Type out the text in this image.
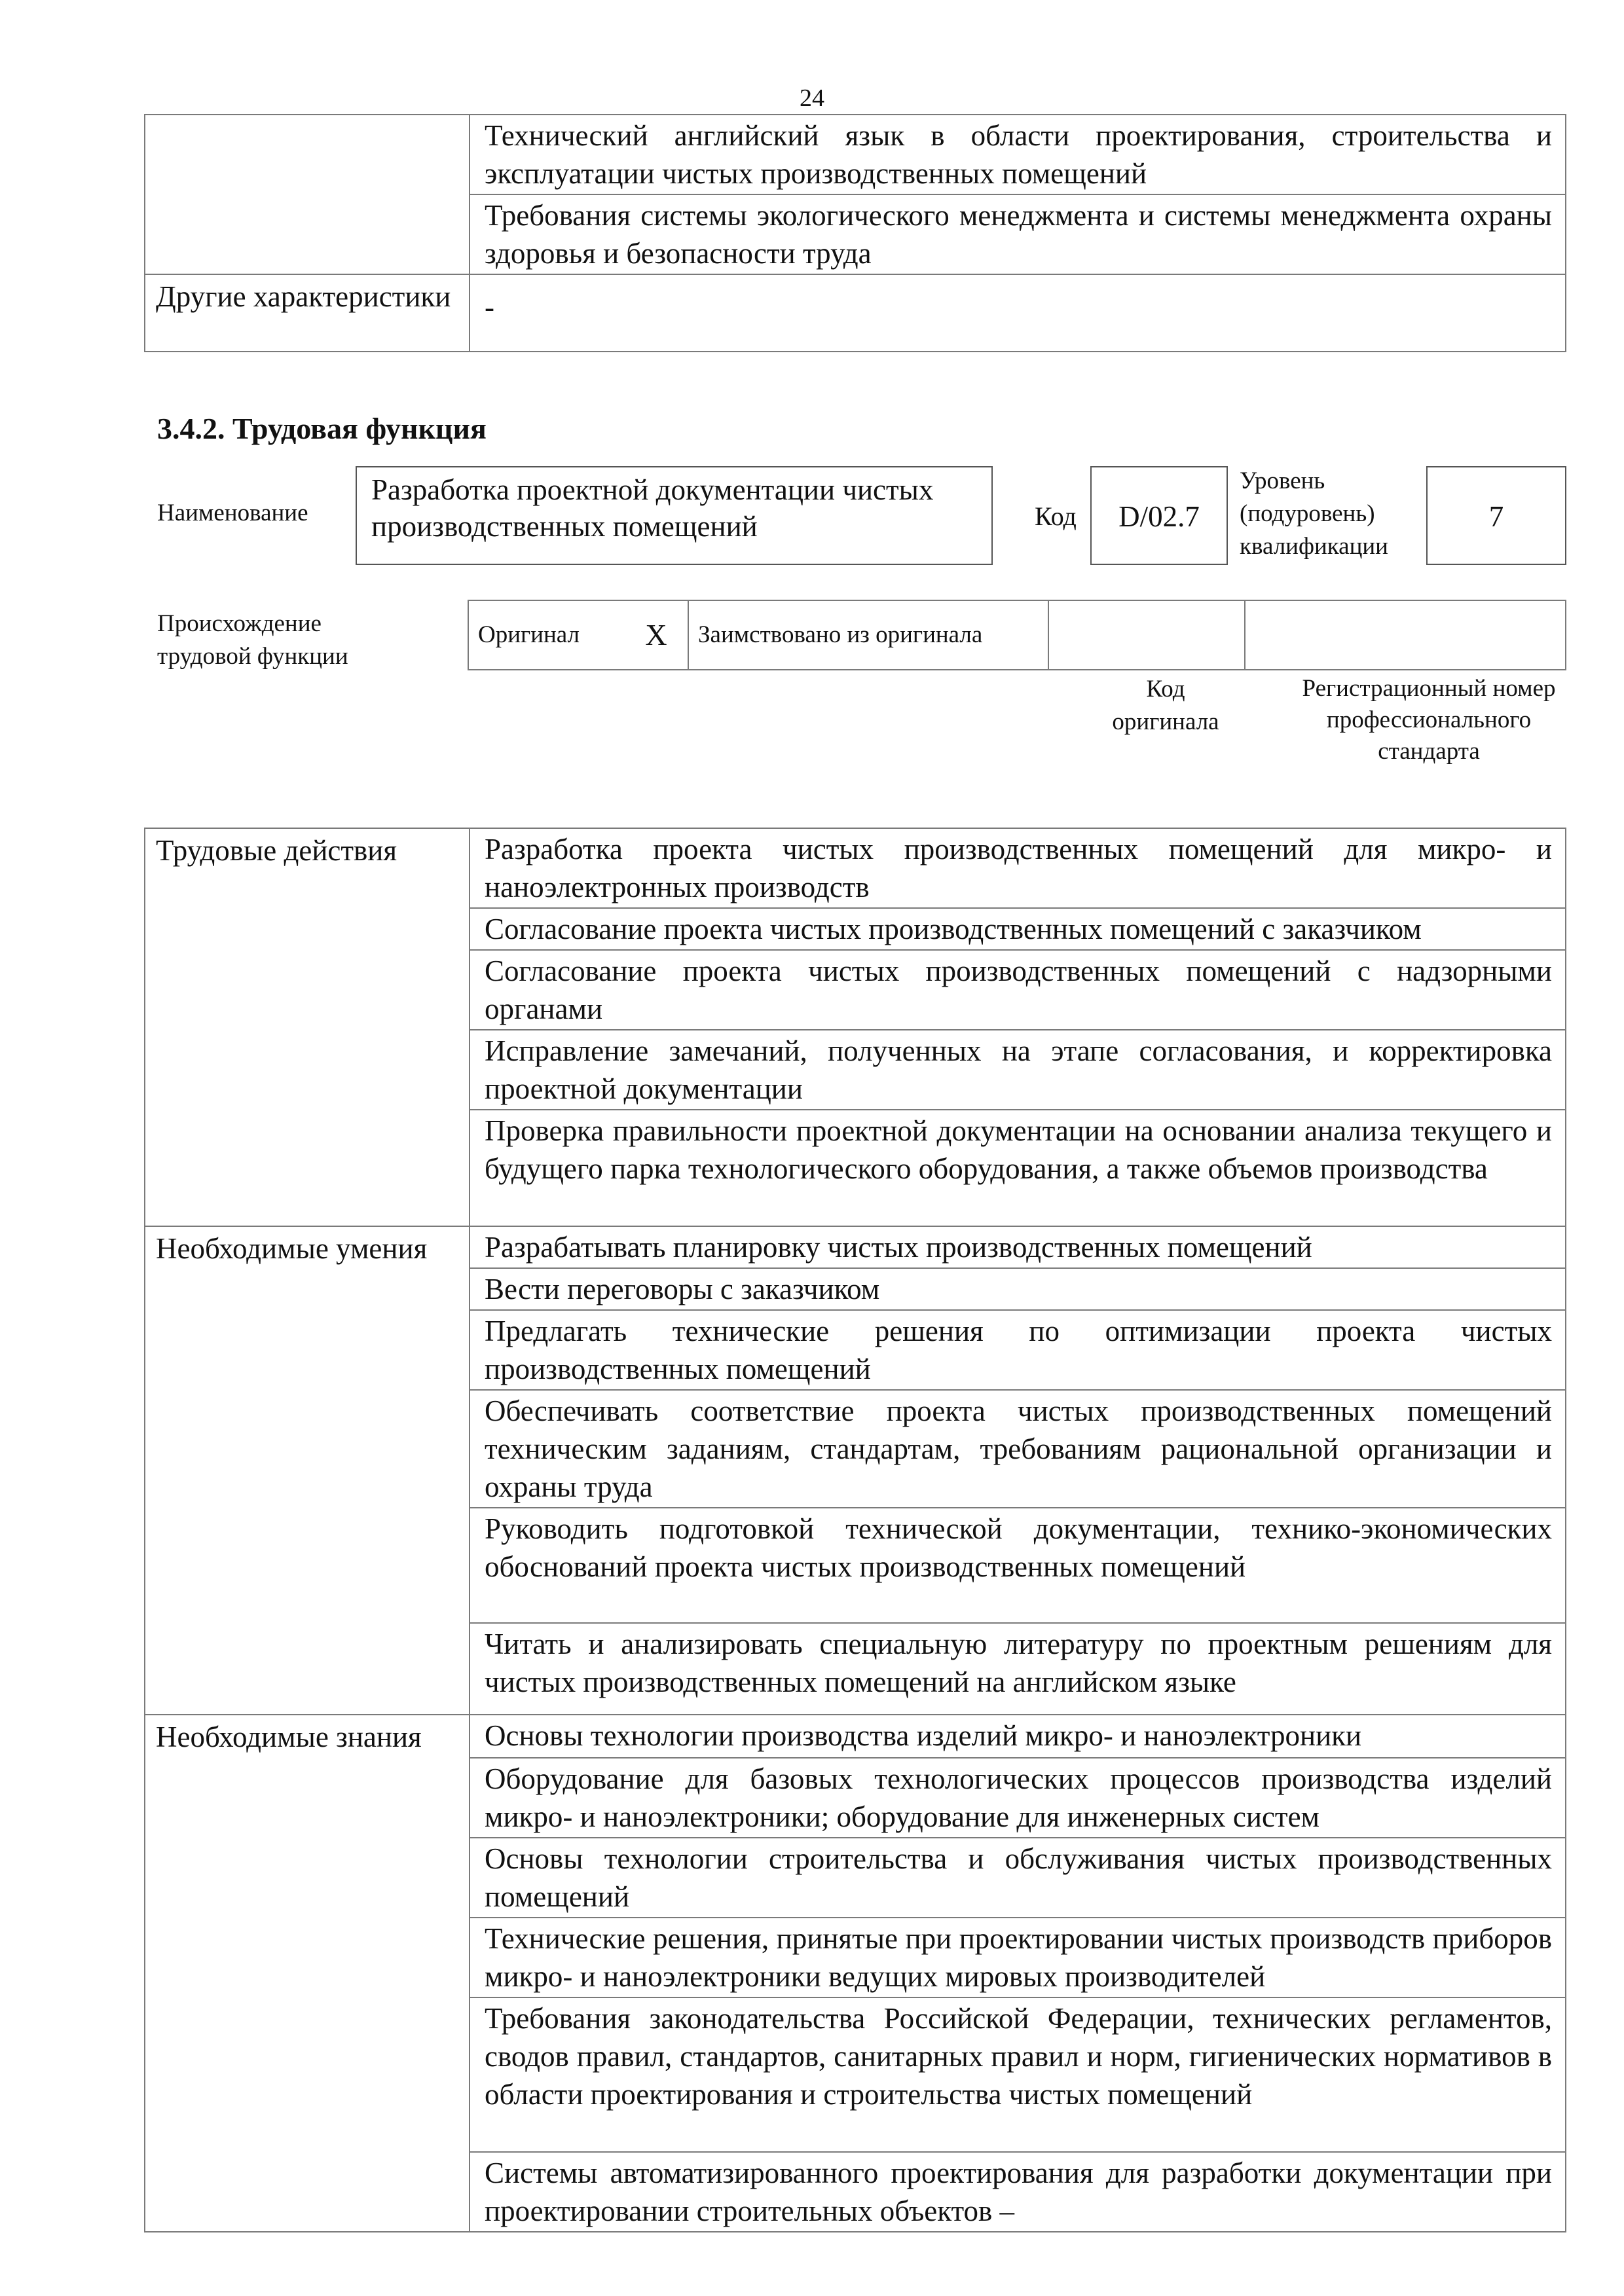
24
	Технический английский язык в области проектирования, строительства и эксплуатации чистых производственных помещений
	Требования системы экологического менеджмента и системы менеджмента охраны здоровья и безопасности труда
Другие характеристики	-
3.4.2. Трудовая функция
Наименование
Разработка проектной документации чистых производственных помещений	Код	D/02.7
Уровень (подуровень) квалификации
7
Происхождение трудовой функции
Оригинал	X	Заимствовано из оригинала		
Код оригинала
Регистрационный номер профессионального стандарта
Трудовые действия	Разработка проекта чистых производственных помещений для микро- и наноэлектронных производств
	Согласование проекта чистых производственных помещений с заказчиком
	Согласование проекта чистых производственных помещений с надзорными органами
	Исправление замечаний, полученных на этапе согласования, и корректировка проектной документации
	Проверка правильности проектной документации на основании анализа текущего и будущего парка технологического оборудования, а также объемов производства
Необходимые умения	Разрабатывать планировку чистых производственных помещений
	Вести переговоры с заказчиком
	Предлагать технические решения по оптимизации проекта чистых производственных помещений
	Обеспечивать соответствие проекта чистых производственных помещений техническим заданиям, стандартам, требованиям рациональной организации и охраны труда
	Руководить подготовкой технической документации, технико-экономических обоснований проекта чистых производственных помещений
	Читать и анализировать специальную литературу по проектным решениям для чистых производственных помещений на английском языке
Необходимые знания	Основы технологии производства изделий микро- и наноэлектроники
	Оборудование для базовых технологических процессов производства изделий микро- и наноэлектроники; оборудование для инженерных систем
	Основы технологии строительства и обслуживания чистых производственных помещений
	Технические решения, принятые при проектировании чистых производств приборов микро- и наноэлектроники ведущих мировых производителей
	Требования законодательства Российской Федерации, технических регламентов, сводов правил, стандартов, санитарных правил и норм, гигиенических нормативов в области проектирования и строительства чистых помещений
	Системы автоматизированного проектирования для разработки документации при проектировании строительных объектов –
